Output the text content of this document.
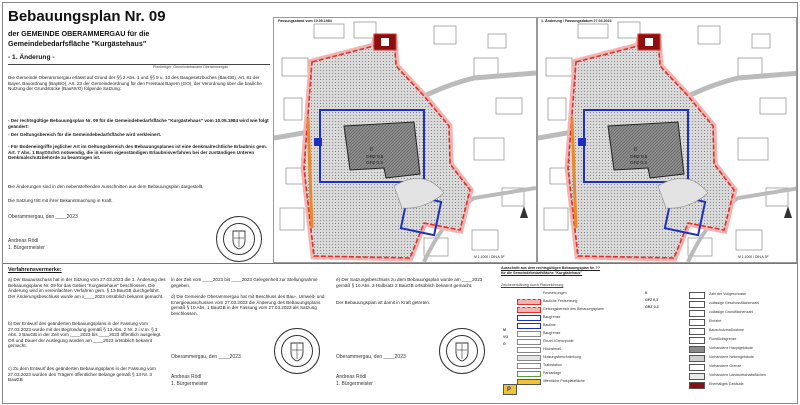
Bebauungsplan Nr. 09
der GEMEINDE OBERAMMERGAU für die
Gemeindebedarfsfläche "Kurgästehaus"
- 1. Änderung -
Planfertiger: Gemeindebauamt Oberammergau
Die Gemeinde Oberammergau erlässt auf Grund der §§ 2 Abs. 1 und §§ 9 u. 10 des Baugesetzbuches (BauGB), Art. 81 der Bayer. Bauordnung (BayBO), Art. 23 der Gemeindeordnung für den Freistaat Bayern (GO), der Verordnung über die bauliche Nutzung der Grundstücke (BauNVO) folgende Satzung:
- Der rechtsgültige Bebauungsplan Nr. 09 für die Gemeindebedarfsfläche "Kurgästehaus" vom 10.05.1984 wird wie folgt geändert:
- Der Geltungsbereich für die Gemeindebedarfsfläche wird verkleinert.
- Für Bodeneingriffe jeglicher Art im Geltungsbereich des Bebauungsplanes ist eine denkmalrechtliche Erlaubnis gem. Art. 7 Abs. 1 BayDSchG notwendig, die in einem eigenständigen Erlaubnisverfahren bei der zuständigen Unteren Denkmalschutzbehörde zu beantragen ist.
Die Änderungen sind in den nebenstehenden Ausschnitten aus dem Bebauungsplan dargestellt.
Die Satzung tritt mit ihrer Bekanntmachung in Kraft.
Oberammergau, den ____2023
Andreas Rödl
1. Bürgermeister
II
GRZ 0,5
GFZ 0,3
M 1:1000 / DIN A 3F
Fassungsstand vom 10.05.1984
II
GRZ 0,5
GFZ 0,3
M 1:1000 / DIN A 3F
1. Änderung / Fassungsdatum 27.03.2023
Verfahrensvermerke:
a) Der Bauausschuss hat in der Sitzung vom 27.03.2023 die 1. Änderung des Bebauungsplans Nr. 09 für das Gebiet "Kurgästehaus" beschlossen. Die Änderung wird im vereinfachten Verfahren gem. § 13 BauGB durchgeführt. Der Änderungsbeschluss wurde am x____2023 ortsüblich bekannt gemacht.
b) Der Entwurf des geänderten Bebauungsplans in der Fassung vom 27.03.2023 wurde mit der Begründung gemäß § 13 Abs. 2 Nr. 2 i.V.m. § 3 Abs. 2 BauGB in der Zeit vom ____2023 bis ____2023 öffentlich ausgelegt. Ort und Dauer der Auslegung wurden am ____2023 ortsüblich bekannt gemacht.
c) Zu dem Entwurf des geänderten Bebauungsplans in der Fassung vom 27.03.2023 wurden den Trägern öffentlicher Belange gemäß § 13 Nr. 3 BauGB
in der Zeit vom ____2023 bis ____2023 Gelegenheit zur Stellungnahme gegeben.
d) Die Gemeinde Oberammergau hat mit Beschluss des Bau-, Umwelt- und Energieausschusses vom 27.03.2023 die Änderung des Bebauungsplans gemäß § 10 Abs. 1 BauGB in der Fassung vom 27.03.2023 als Satzung beschlossen.
Oberammergau, den ____2023
Andreas Rödl
1. Bürgermeister
e) Der Satzungsbeschluss zu dem Bebauungsplan wurde am ____2023 gemäß § 10 Abs. 3 Halbsatz 2 BauGB ortsüblich bekannt gemacht.
Der Bebauungsplan ist damit in Kraft getreten.
Oberammergau, den ____2023
Andreas Rödl
1. Bürgermeister
Ausschnitt aus dem rechtsgültigen Bebauungsplan Nr. ??
für die Gemeindebedarfsfläche "Kurgästehaus"
Zeichenerklärung durch Planzeichnung
Festsetzungen
M
VG
G
II
GFZ 0,3
GRZ 0,3
P
Bauliche Festsetzung
Geltungsbereich des Bebauungsplans
Baugrenze
Baulinie
Baugrenze
Einzel-/Grenzpunkt
Höchstmaß
Nutzungsbeschränkung
Trafostation
Parkanlage
öffentliche Parkplatzfläche
Zahl der Vollgeschosse
zulässige Geschossflächenzahl
zulässige Grundflächenzahl
Einfahrt
Bauschutzmaßnahme
Flurstücksgrenze
Vorhandene Hauptgebäude
Vorhandene Nebengebäude
Vorhandene Grenze
Vorhandene Landwirtschaftsflächen
Ehemaliges Gebäude
